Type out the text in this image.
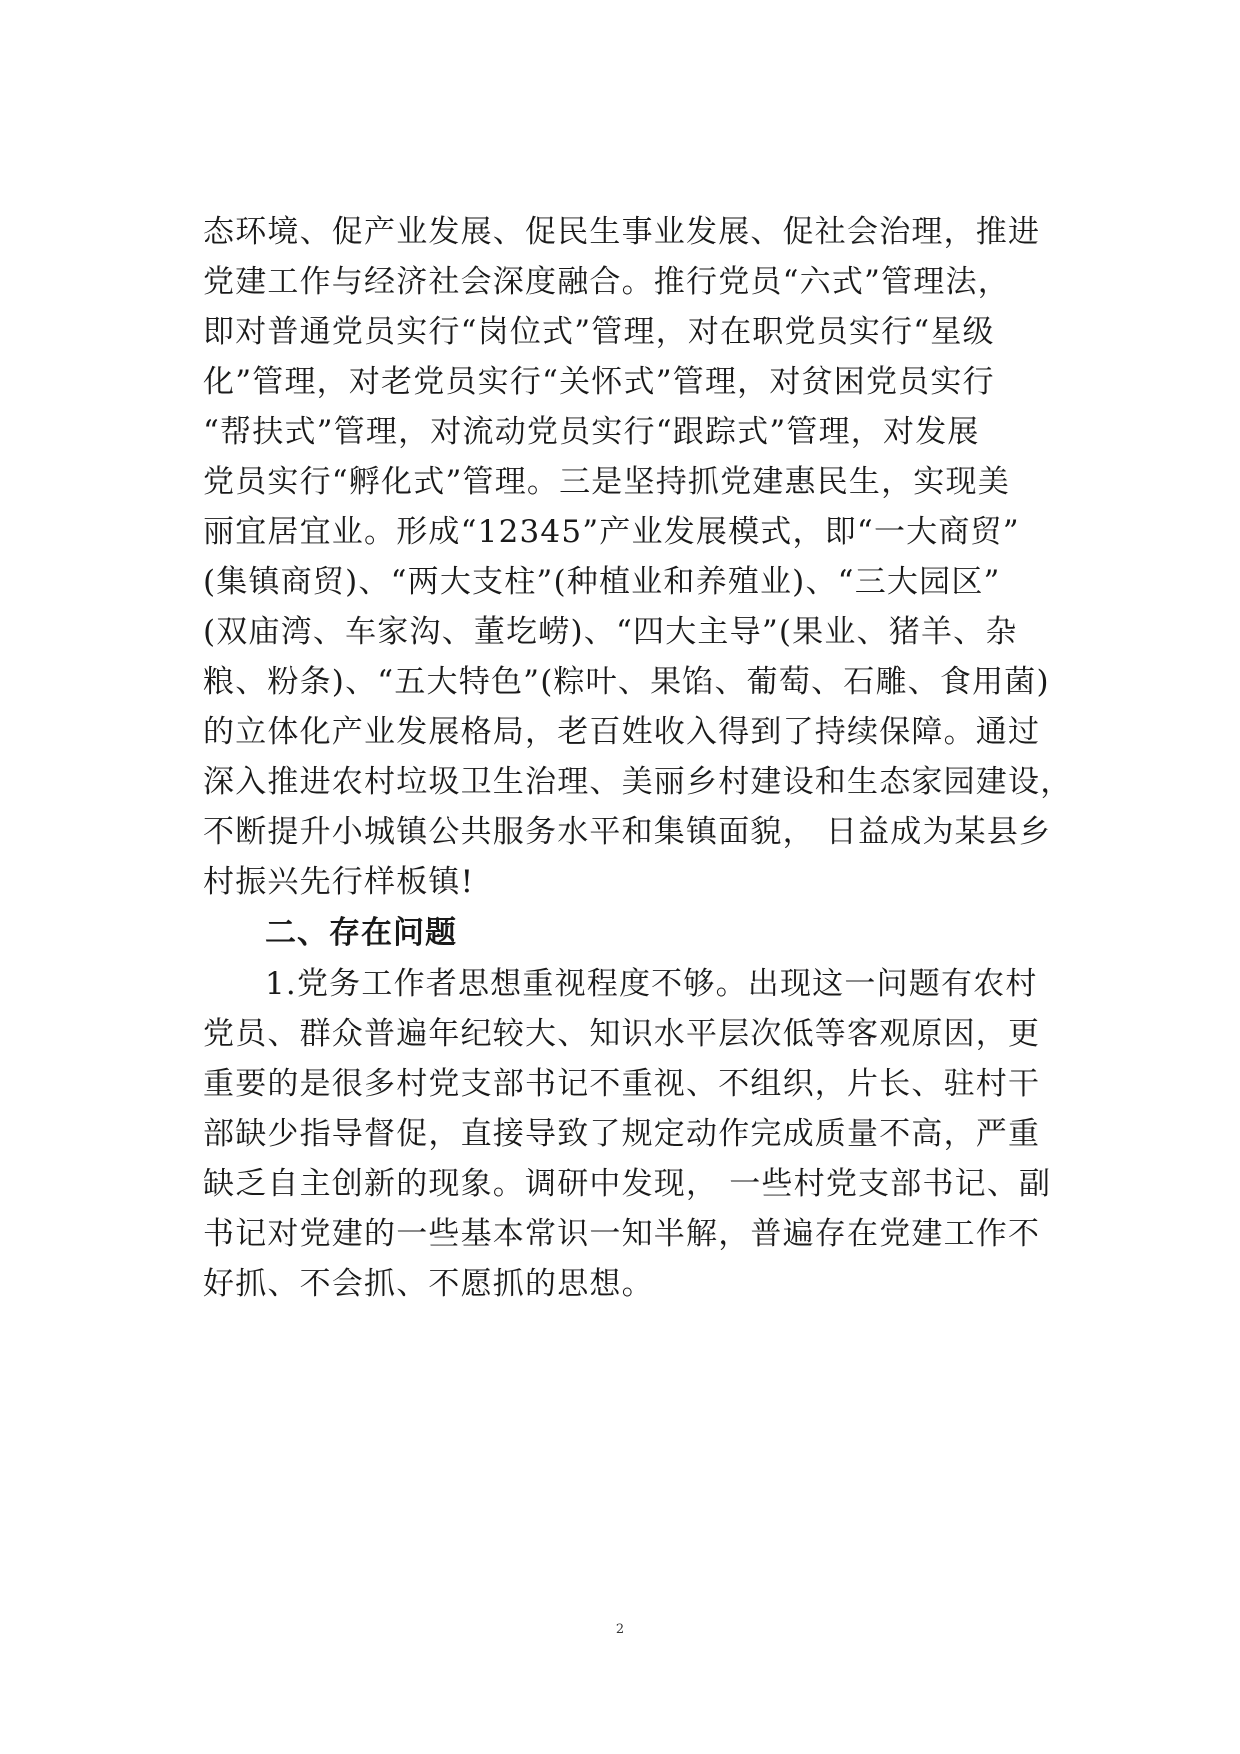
态环境、促产业发展、促民生事业发展、促社会治理，推进
党建工作与经济社会深度融合。推行党员“六式”管理法，
即对普通党员实行“岗位式”管理，对在职党员实行“星级
化”管理，对老党员实行“关怀式”管理，对贫困党员实行
“帮扶式”管理，对流动党员实行“跟踪式”管理，对发展
党员实行“孵化式”管理。三是坚持抓党建惠民生，实现美
丽宜居宜业。形成“12345”产业发展模式，即“一大商贸”
(集镇商贸)、“两大支柱”(种植业和养殖业)、“三大园区”
(双庙湾、车家沟、董圪崂)、“四大主导”(果业、猪羊、杂
粮、粉条)、“五大特色”(粽叶、果馅、葡萄、石雕、食用菌)
的立体化产业发展格局，老百姓收入得到了持续保障。通过
深入推进农村垃圾卫生治理、美丽乡村建设和生态家园建设，
不断提升小城镇公共服务水平和集镇面貌， 日益成为某县乡
村振兴先行样板镇!
二、存在问题
1.党务工作者思想重视程度不够。出现这一问题有农村
党员、群众普遍年纪较大、知识水平层次低等客观原因，更
重要的是很多村党支部书记不重视、不组织，片长、驻村干
部缺少指导督促，直接导致了规定动作完成质量不高，严重
缺乏自主创新的现象。调研中发现， 一些村党支部书记、副
书记对党建的一些基本常识一知半解，普遍存在党建工作不
好抓、不会抓、不愿抓的思想。
2
